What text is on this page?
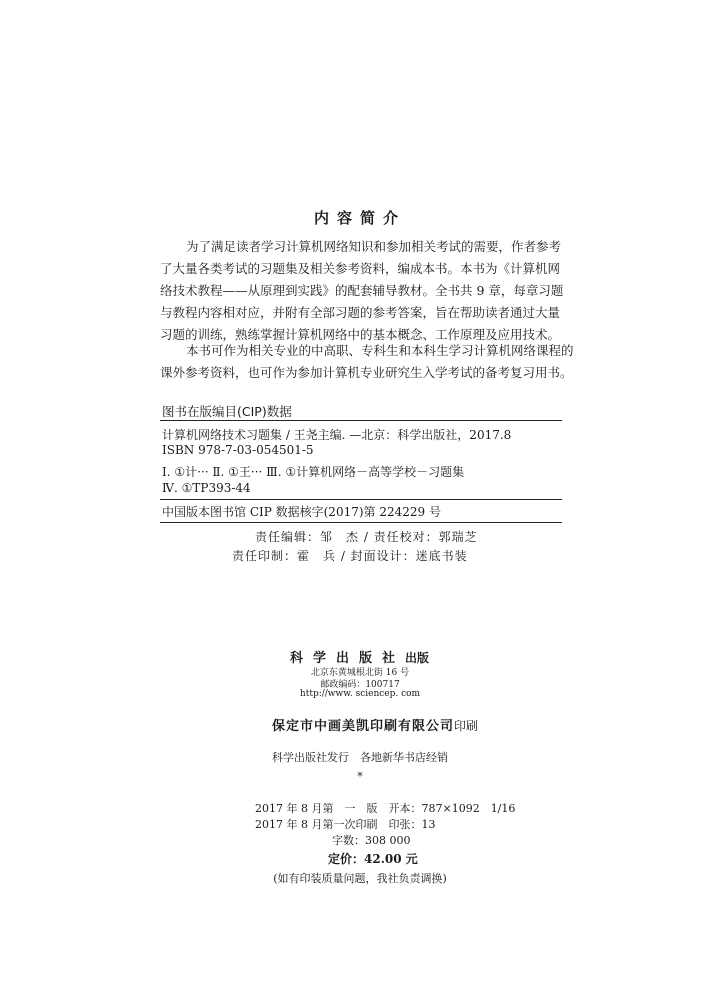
内容简介
为了满足读者学习计算机网络知识和参加相关考试的需要，作者参考
了大量各类考试的习题集及相关参考资料，编成本书。本书为《计算机网
络技术教程——从原理到实践》的配套辅导教材。全书共 9 章，每章习题
与教程内容相对应，并附有全部习题的参考答案，旨在帮助读者通过大量
习题的训练，熟练掌握计算机网络中的基本概念、工作原理及应用技术。
本书可作为相关专业的中高职、专科生和本科生学习计算机网络课程的
课外参考资料，也可作为参加计算机专业研究生入学考试的备考复习用书。
图书在版编目(CIP)数据
计算机网络技术习题集 / 王尧主编. —北京：科学出版社，2017.8
ISBN 978-7-03-054501-5
Ⅰ. ①计··· Ⅱ. ①王··· Ⅲ. ①计算机网络－高等学校－习题集
Ⅳ. ①TP393-44
中国版本图书馆 CIP 数据核字(2017)第 224229 号
责任编辑：邹　杰 / 责任校对：郭瑞芝
责任印制：霍　兵 / 封面设计：迷底书装
科学出版社出版
北京东黄城根北街 16 号
邮政编码：100717
http://www. sciencep. com
保定市中画美凯印刷有限公司印刷
科学出版社发行　各地新华书店经销
*
2017 年 8 月第　一　版　开本：787×1092　1/16
2017 年 8 月第一次印刷　印张：13
字数：308 000
定价：42.00 元
(如有印装质量问题，我社负责调换)
